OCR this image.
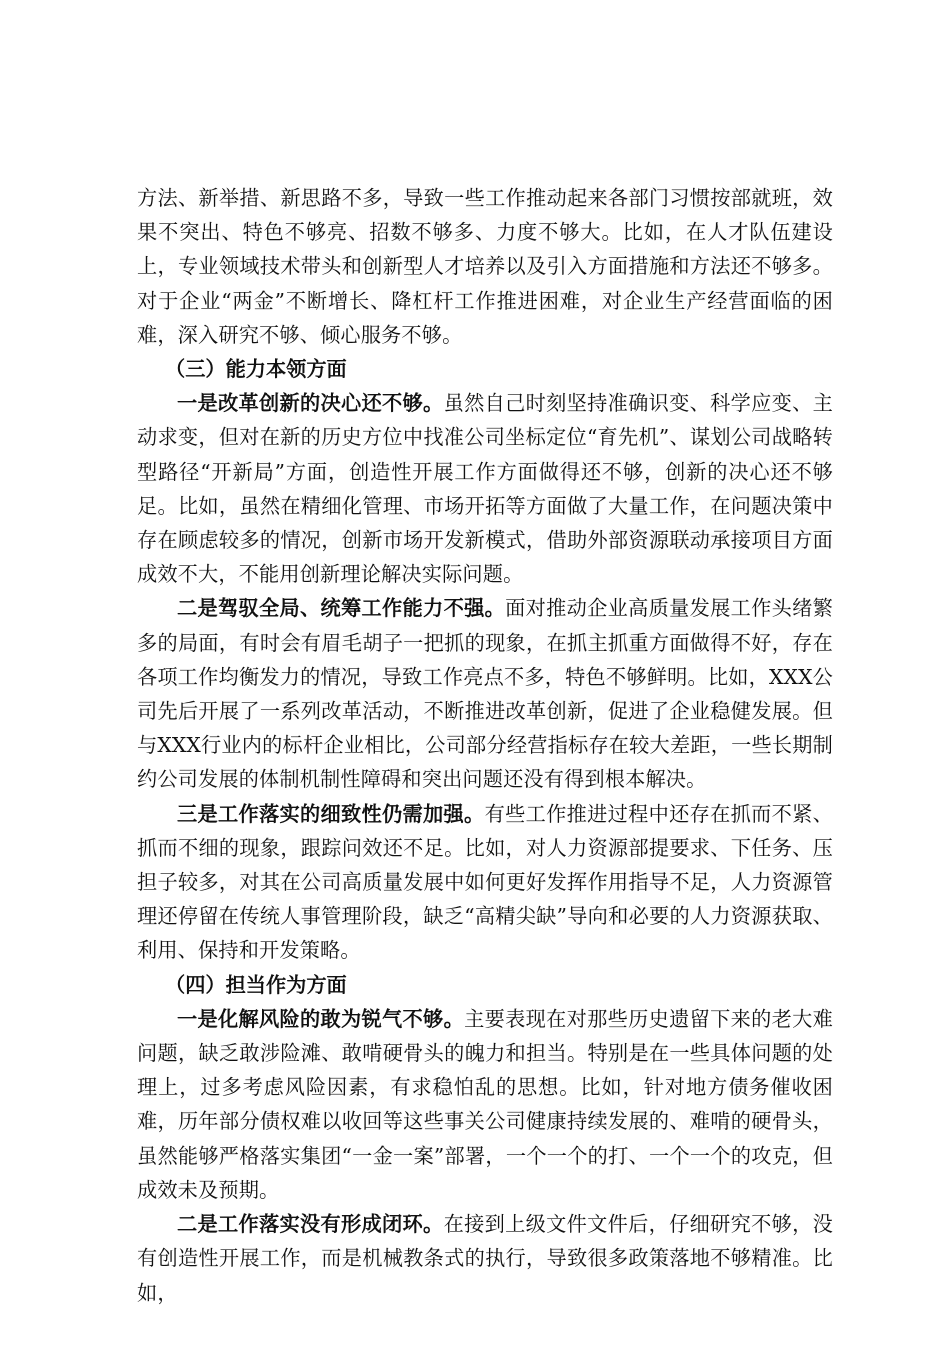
方法、新举措、新思路不多，导致一些工作推动起来各部门习惯按部就班，效果不突出、特色不够亮、招数不够多、力度不够大。比如，在人才队伍建设上，专业领域技术带头和创新型人才培养以及引入方面措施和方法还不够多。对于企业“两金”不断增长、降杠杆工作推进困难，对企业生产经营面临的困难，深入研究不够、倾心服务不够。

（三）能力本领方面

一是改革创新的决心还不够。虽然自己时刻坚持准确识变、科学应变、主动求变，但对在新的历史方位中找准公司坐标定位“育先机”、谋划公司战略转型路径“开新局”方面，创造性开展工作方面做得还不够，创新的决心还不够足。比如，虽然在精细化管理、市场开拓等方面做了大量工作，在问题决策中存在顾虑较多的情况，创新市场开发新模式，借助外部资源联动承接项目方面成效不大，不能用创新理论解决实际问题。

二是驾驭全局、统筹工作能力不强。面对推动企业高质量发展工作头绪繁多的局面，有时会有眉毛胡子一把抓的现象，在抓主抓重方面做得不好，存在各项工作均衡发力的情况，导致工作亮点不多，特色不够鲜明。比如，XXX公司先后开展了一系列改革活动，不断推进改革创新，促进了企业稳健发展。但与XXX行业内的标杆企业相比，公司部分经营指标存在较大差距，一些长期制约公司发展的体制机制性障碍和突出问题还没有得到根本解决。

三是工作落实的细致性仍需加强。有些工作推进过程中还存在抓而不紧、抓而不细的现象，跟踪问效还不足。比如，对人力资源部提要求、下任务、压担子较多，对其在公司高质量发展中如何更好发挥作用指导不足，人力资源管理还停留在传统人事管理阶段，缺乏“高精尖缺”导向和必要的人力资源获取、利用、保持和开发策略。

（四）担当作为方面

一是化解风险的敢为锐气不够。主要表现在对那些历史遗留下来的老大难问题，缺乏敢涉险滩、敢啃硬骨头的魄力和担当。特别是在一些具体问题的处理上，过多考虑风险因素，有求稳怕乱的思想。比如，针对地方债务催收困难，历年部分债权难以收回等这些事关公司健康持续发展的、难啃的硬骨头，虽然能够严格落实集团“一金一案”部署，一个一个的打、一个一个的攻克，但成效未及预期。

二是工作落实没有形成闭环。在接到上级文件文件后，仔细研究不够，没有创造性开展工作，而是机械教条式的执行，导致很多政策落地不够精准。比如，
